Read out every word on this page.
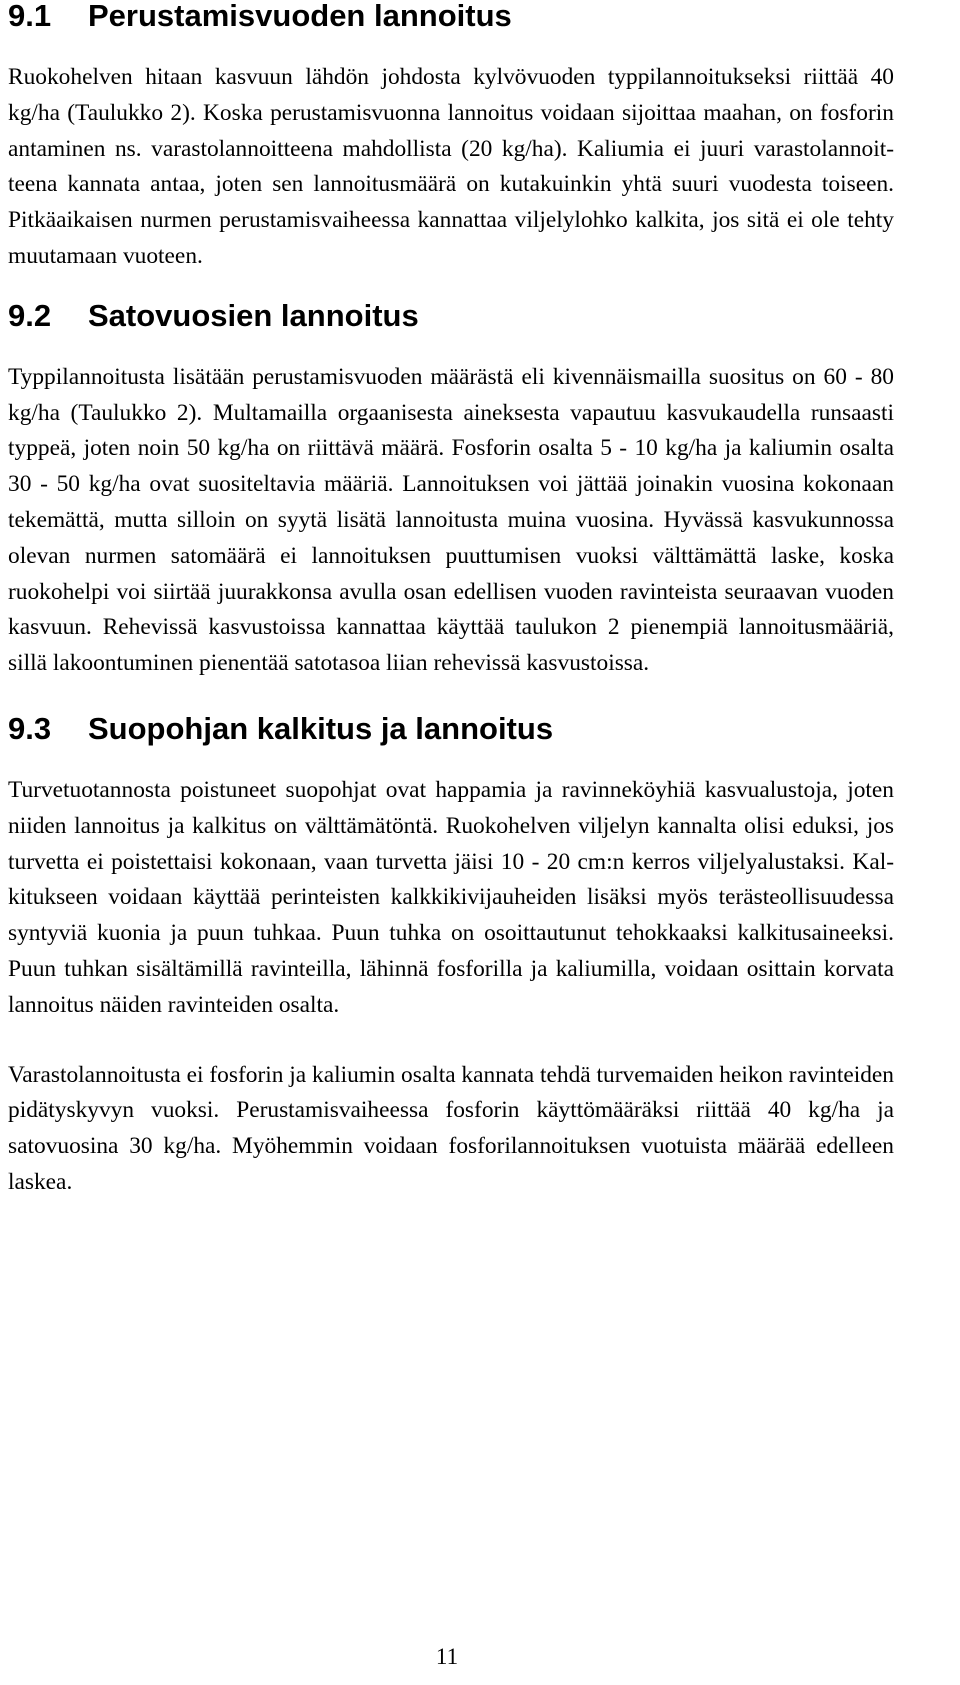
9.1 Perustamisvuoden lannoitus

Ruokohelven hitaan kasvuun lähdön johdosta kylvövuoden typpilannoitukseksi riittää 40 kg/ha (Taulukko 2). Koska perustamisvuonna lannoitus voidaan sijoittaa maahan, on fosforin antaminen ns. varastolannoitteena mahdollista (20 kg/ha). Kaliumia ei juuri varastolannoitteena kannata antaa, joten sen lannoitusmäärä on kutakuinkin yhtä suuri vuodesta toiseen. Pitkäaikaisen nurmen perustamisvaiheessa kannattaa viljelylohko kalkita, jos sitä ei ole tehty muutamaan vuoteen.

9.2 Satovuosien lannoitus

Typpilannoitusta lisätään perustamisvuoden määrästä eli kivennäismailla suositus on 60 - 80 kg/ha (Taulukko 2). Multamailla orgaanisesta aineksesta vapautuu kasvukaudella runsaasti typpeä, joten noin 50 kg/ha on riittävä määrä. Fosforin osalta 5 - 10 kg/ha ja kaliumin osalta 30 - 50 kg/ha ovat suositeltavia määriä. Lannoituksen voi jättää joinakin vuosina kokonaan tekemättä, mutta silloin on syytä lisätä lannoitusta muina vuosina. Hyvässä kasvukunnossa olevan nurmen satomäärä ei lannoituksen puuttumisen vuoksi välttämättä laske, koska ruokohelpi voi siirtää juurakkonsa avulla osan edellisen vuoden ravinteista seuraavan vuoden kasvuun. Rehevissä kasvustoissa kannattaa käyttää taulukon 2 pienempiä lannoitusmääriä, sillä lakoontuminen pienentää satotasoa liian rehevissä kasvustoissa.

9.3 Suopohjan kalkitus ja lannoitus

Turvetuotannosta poistuneet suopohjat ovat happamia ja ravinneköyhiä kasvualustoja, joten niiden lannoitus ja kalkitus on välttämätöntä. Ruokohelven viljelyn kannalta olisi eduksi, jos turvetta ei poistettaisi kokonaan, vaan turvetta jäisi 10 - 20 cm:n kerros viljelyalustaksi. Kalkitukseen voidaan käyttää perinteisten kalkkikivijauheiden lisäksi myös terästeollisuudessa syntyviä kuonia ja puun tuhkaa. Puun tuhka on osoittautunut tehokkaaksi kalkitusaineeksi. Puun tuhkan sisältämillä ravinteilla, lähinnä fosforilla ja kaliumilla, voidaan osittain korvata lannoitus näiden ravinteiden osalta.

Varastolannoitusta ei fosforin ja kaliumin osalta kannata tehdä turvemaiden heikon ravinteiden pidätyskyvyn vuoksi. Perustamisvaiheessa fosforin käyttömääräksi riittää 40 kg/ha ja satovuosina 30 kg/ha. Myöhemmin voidaan fosforilannoituksen vuotuista määrää edelleen laskea.

11
